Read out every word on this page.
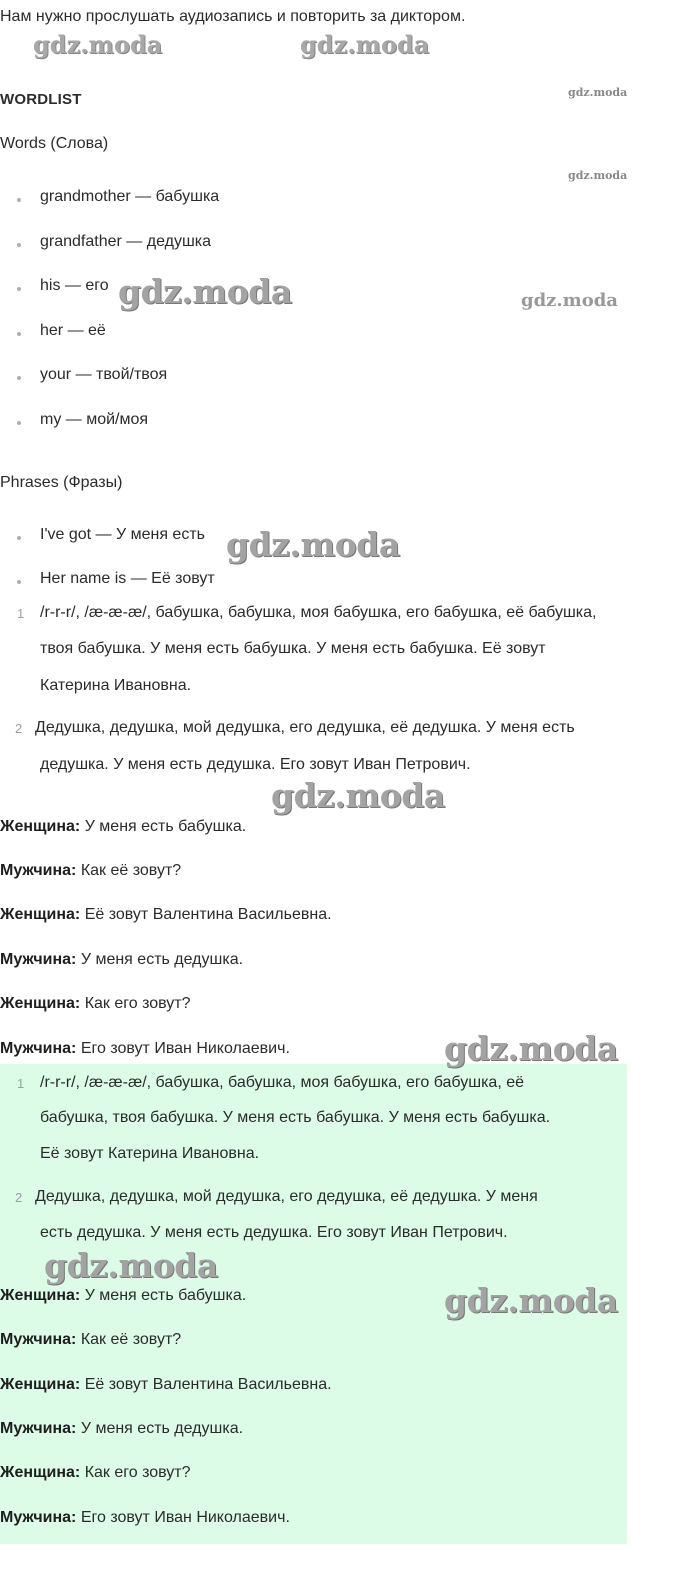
Нам нужно прослушать аудиозапись и повторить за диктором.
WORDLIST
Words (Слова)
grandmother — бабушка
grandfather — дедушка
his — его
her — её
your — твой/твоя
my — мой/моя
Phrases (Фразы)
I've got — У меня есть
Her name is — Её зовут
1 /r-r-r/, /æ-æ-æ/, бабушка, бабушка, моя бабушка, его бабушка, её бабушка,
твоя бабушка. У меня есть бабушка. У меня есть бабушка. Её зовут
Катерина Ивановна.
2 Дедушка, дедушка, мой дедушка, его дедушка, её дедушка. У меня есть
дедушка. У меня есть дедушка. Его зовут Иван Петрович.
Женщина: У меня есть бабушка.
Мужчина: Как её зовут?
Женщина: Её зовут Валентина Васильевна.
Мужчина: У меня есть дедушка.
Женщина: Как его зовут?
Мужчина: Его зовут Иван Николаевич.
1 /r-r-r/, /æ-æ-æ/, бабушка, бабушка, моя бабушка, его бабушка, её
бабушка, твоя бабушка. У меня есть бабушка. У меня есть бабушка.
Её зовут Катерина Ивановна.
2 Дедушка, дедушка, мой дедушка, его дедушка, её дедушка. У меня
есть дедушка. У меня есть дедушка. Его зовут Иван Петрович.
Женщина: У меня есть бабушка.
Мужчина: Как её зовут?
Женщина: Её зовут Валентина Васильевна.
Мужчина: У меня есть дедушка.
Женщина: Как его зовут?
Мужчина: Его зовут Иван Николаевич.
gdz.moda	gdz.moda
gdz.moda
gdz.moda
gdz.moda	gdz.moda
gdz.moda
gdz.moda
gdz.moda
gdz.moda
gdz.moda
